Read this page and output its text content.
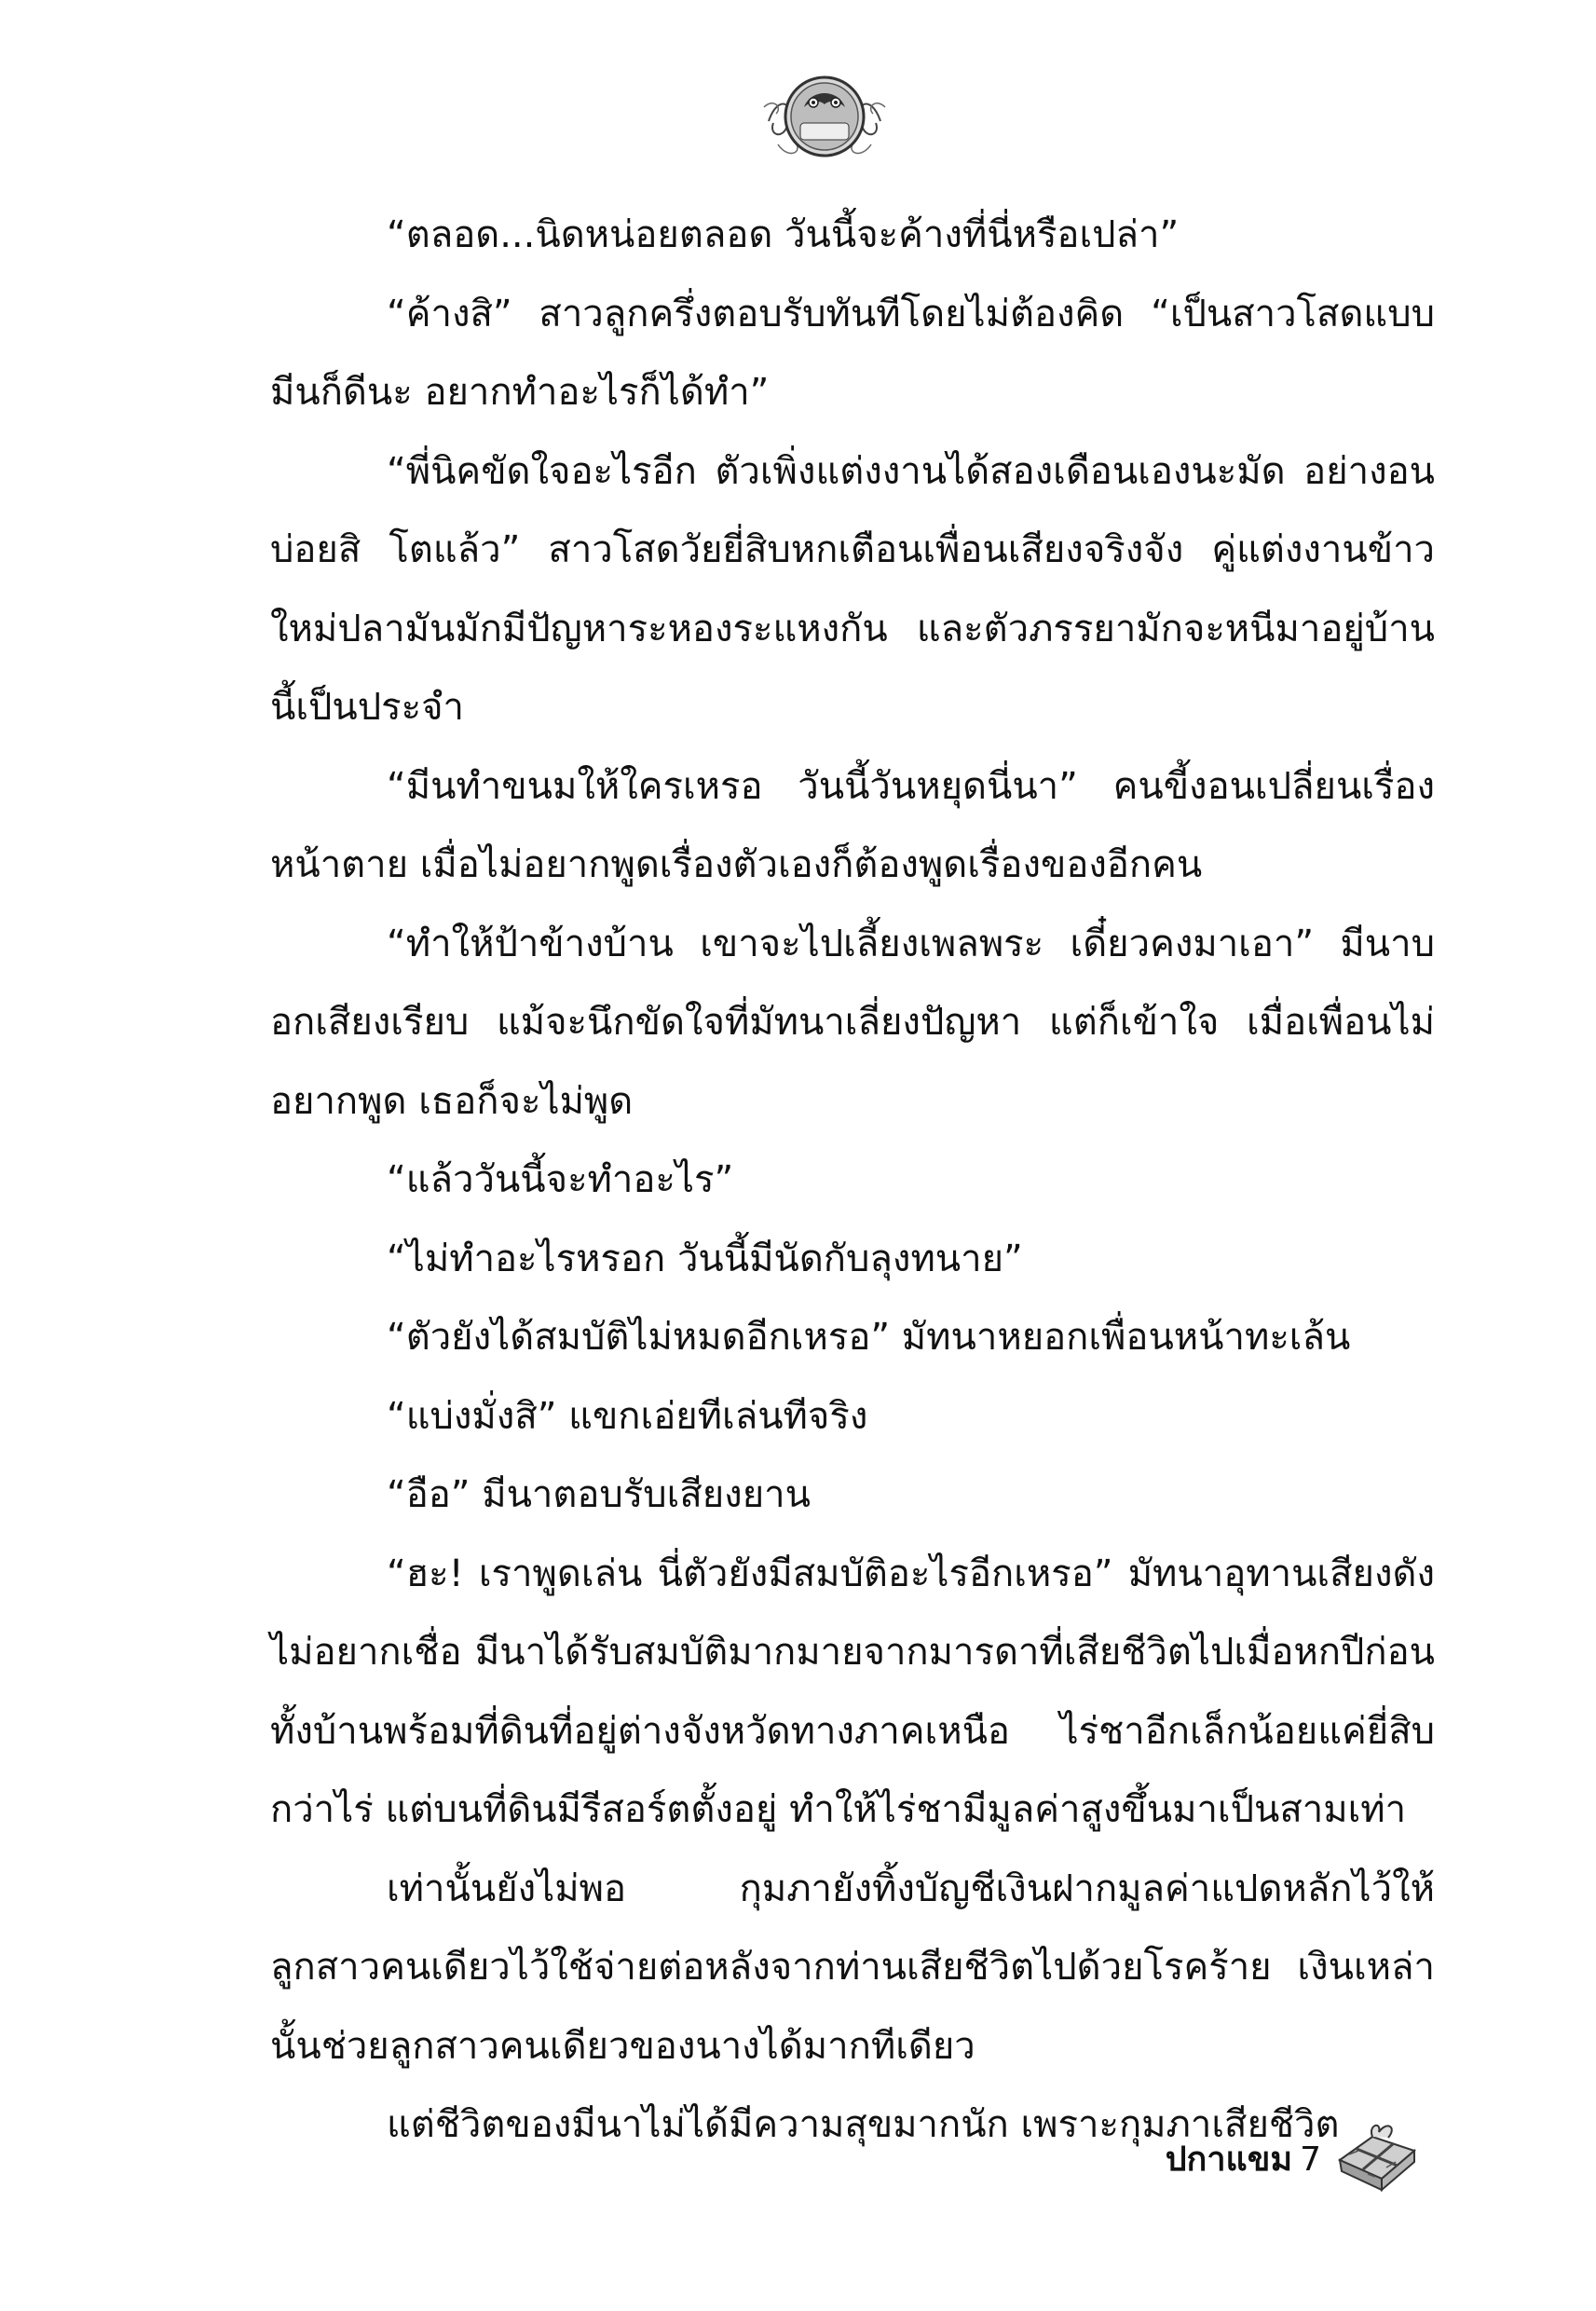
“ตลอด...นิดหน่อยตลอด วันนี้จะค้างที่นี่หรือเปล่า”

“ค้างสิ” สาวลูกครึ่งตอบรับทันทีโดยไม่ต้องคิด “เป็นสาวโสดแบบมีนก็ดีนะ อยากทำอะไรก็ได้ทำ”

“พี่นิคขัดใจอะไรอีก ตัวเพิ่งแต่งงานได้สองเดือนเองนะมัด อย่างอนบ่อยสิ โตแล้ว” สาวโสดวัยยี่สิบหกเตือนเพื่อนเสียงจริงจัง คู่แต่งงานข้าวใหม่ปลามันมักมีปัญหาระหองระแหงกัน และตัวภรรยามักจะหนีมาอยู่บ้านนี้เป็นประจำ

“มีนทำขนมให้ใครเหรอ วันนี้วันหยุดนี่นา” คนขี้งอนเปลี่ยนเรื่องหน้าตาย เมื่อไม่อยากพูดเรื่องตัวเองก็ต้องพูดเรื่องของอีกคน

“ทำให้ป้าข้างบ้าน เขาจะไปเลี้ยงเพลพระ เดี๋ยวคงมาเอา” มีนาบอกเสียงเรียบ แม้จะนึกขัดใจที่มัทนาเลี่ยงปัญหา แต่ก็เข้าใจ เมื่อเพื่อนไม่อยากพูด เธอก็จะไม่พูด

“แล้ววันนี้จะทำอะไร”

“ไม่ทำอะไรหรอก วันนี้มีนัดกับลุงทนาย”

“ตัวยังได้สมบัติไม่หมดอีกเหรอ” มัทนาหยอกเพื่อนหน้าทะเล้น

“แบ่งมั่งสิ” แขกเอ่ยทีเล่นทีจริง

“อือ” มีนาตอบรับเสียงยาน

“ฮะ! เราพูดเล่น นี่ตัวยังมีสมบัติอะไรอีกเหรอ” มัทนาอุทานเสียงดัง ไม่อยากเชื่อ มีนาได้รับสมบัติมากมายจากมารดาที่เสียชีวิตไปเมื่อหกปีก่อน ทั้งบ้านพร้อมที่ดินที่อยู่ต่างจังหวัดทางภาคเหนือ ไร่ชาอีกเล็กน้อยแค่ยี่สิบกว่าไร่ แต่บนที่ดินมีรีสอร์ตตั้งอยู่ ทำให้ไร่ชามีมูลค่าสูงขึ้นมาเป็นสามเท่า

เท่านั้นยังไม่พอ กุมภายังทิ้งบัญชีเงินฝากมูลค่าแปดหลักไว้ให้ลูกสาวคนเดียวไว้ใช้จ่ายต่อหลังจากท่านเสียชีวิตไปด้วยโรคร้าย เงินเหล่านั้นช่วยลูกสาวคนเดียวของนางได้มากทีเดียว

แต่ชีวิตของมีนาไม่ได้มีความสุขมากนัก เพราะกุมภาเสียชีวิต

ปกาแขม 7
